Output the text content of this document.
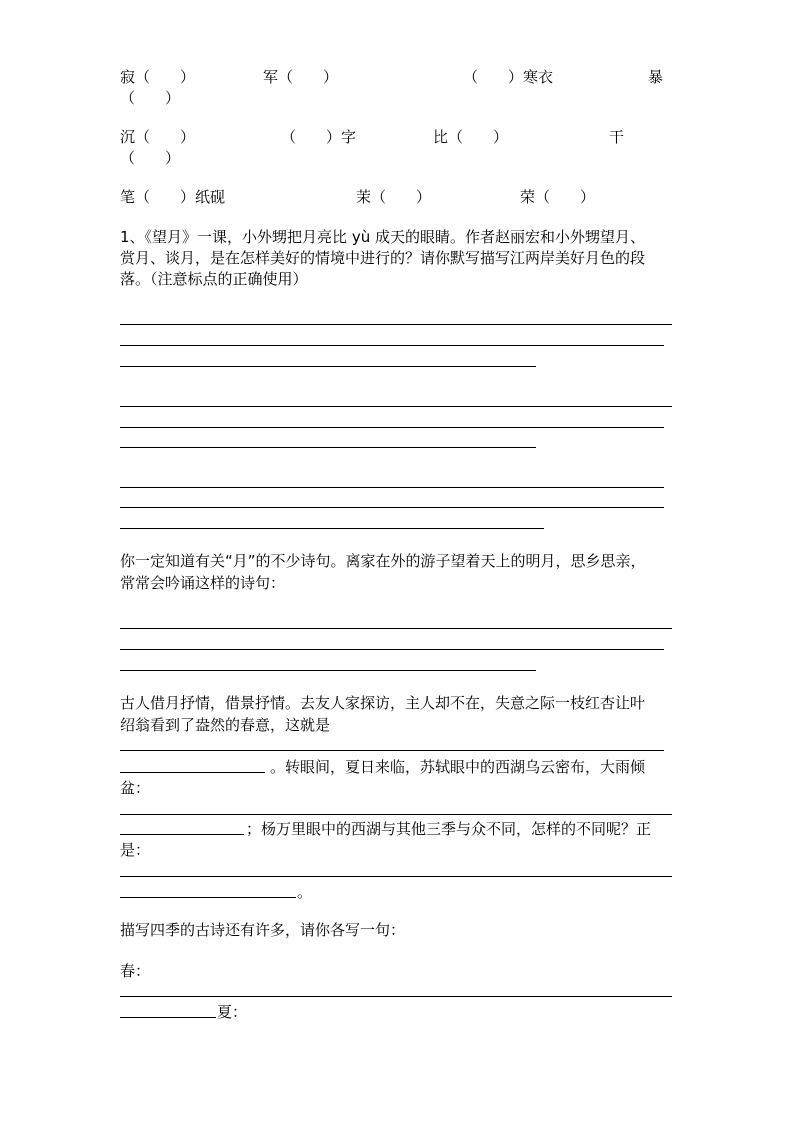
寂（　　）	军（　　）	（　　）寒衣	暴
（　　）
沉（　　）	（　　）字	比（　　）	干
（　　）
笔（　　）纸砚	茉（　　）	荣（　　）
1、《望月》一课，小外甥把月亮比 yù 成天的眼睛。作者赵丽宏和小外甥望月、
赏月、谈月，是在怎样美好的情境中进行的？请你默写描写江两岸美好月色的段
落。（注意标点的正确使用）
你一定知道有关“月”的不少诗句。离家在外的游子望着天上的明月，思乡思亲，
常常会吟诵这样的诗句：
古人借月抒情，借景抒情。去友人家探访，主人却不在，失意之际一枝红杏让叶
绍翁看到了盎然的春意，这就是
。转眼间，夏日来临，苏轼眼中的西湖乌云密布，大雨倾
盆：
；杨万里眼中的西湖与其他三季与众不同，怎样的不同呢？正
是：
。
描写四季的古诗还有许多，请你各写一句：
春：
夏：
